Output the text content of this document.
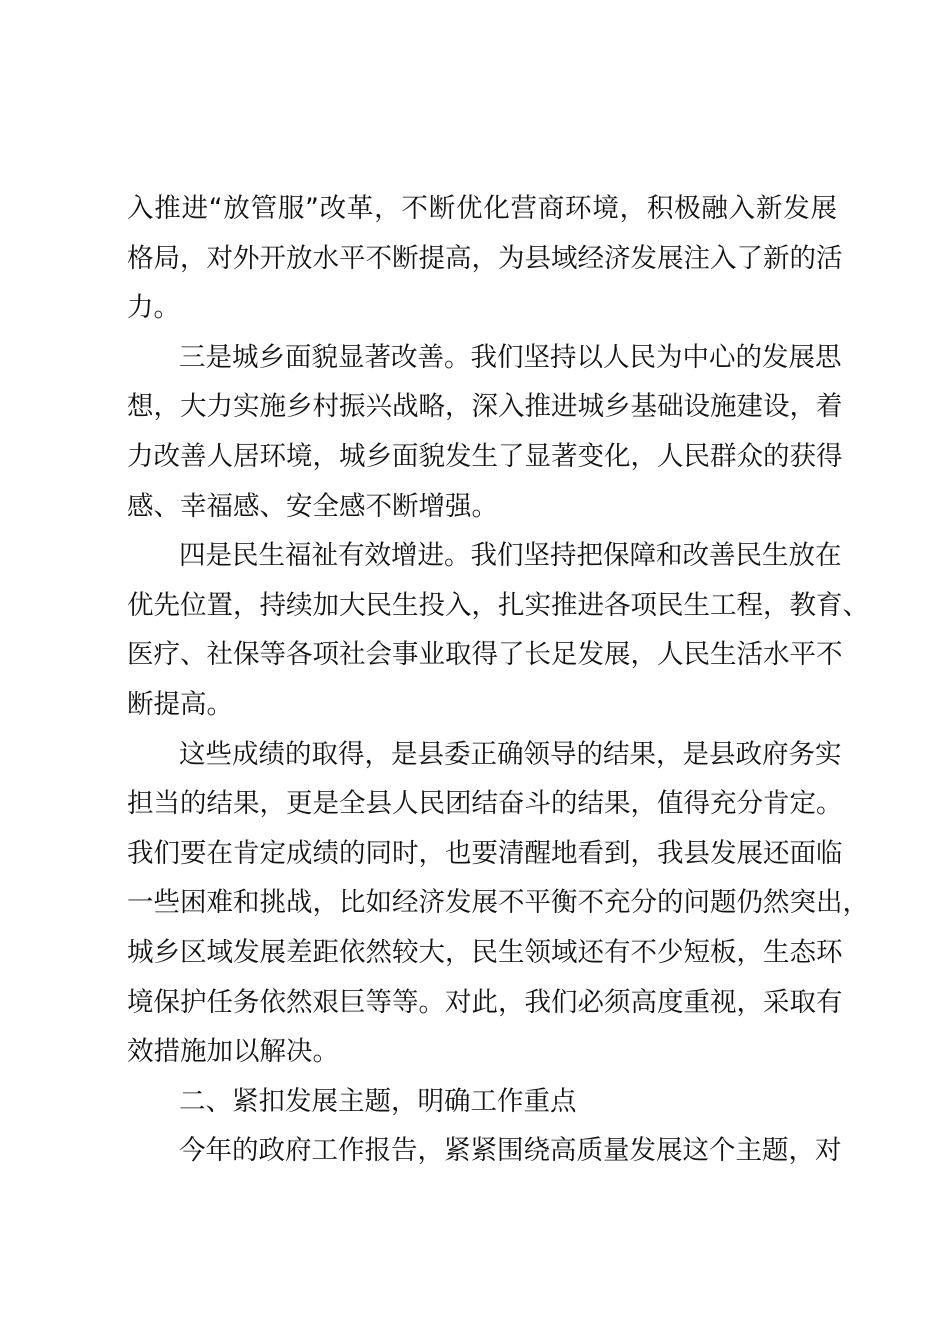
入推进“放管服”改革，不断优化营商环境，积极融入新发展
格局，对外开放水平不断提高，为县域经济发展注入了新的活
力。
三是城乡面貌显著改善。我们坚持以人民为中心的发展思
想，大力实施乡村振兴战略，深入推进城乡基础设施建设，着
力改善人居环境，城乡面貌发生了显著变化，人民群众的获得
感、幸福感、安全感不断增强。
四是民生福祉有效增进。我们坚持把保障和改善民生放在
优先位置，持续加大民生投入，扎实推进各项民生工程，教育、
医疗、社保等各项社会事业取得了长足发展，人民生活水平不
断提高。
这些成绩的取得，是县委正确领导的结果，是县政府务实
担当的结果，更是全县人民团结奋斗的结果，值得充分肯定。
我们要在肯定成绩的同时，也要清醒地看到，我县发展还面临
一些困难和挑战，比如经济发展不平衡不充分的问题仍然突出，
城乡区域发展差距依然较大，民生领域还有不少短板，生态环
境保护任务依然艰巨等等。对此，我们必须高度重视，采取有
效措施加以解决。
二、紧扣发展主题，明确工作重点
今年的政府工作报告，紧紧围绕高质量发展这个主题，对
